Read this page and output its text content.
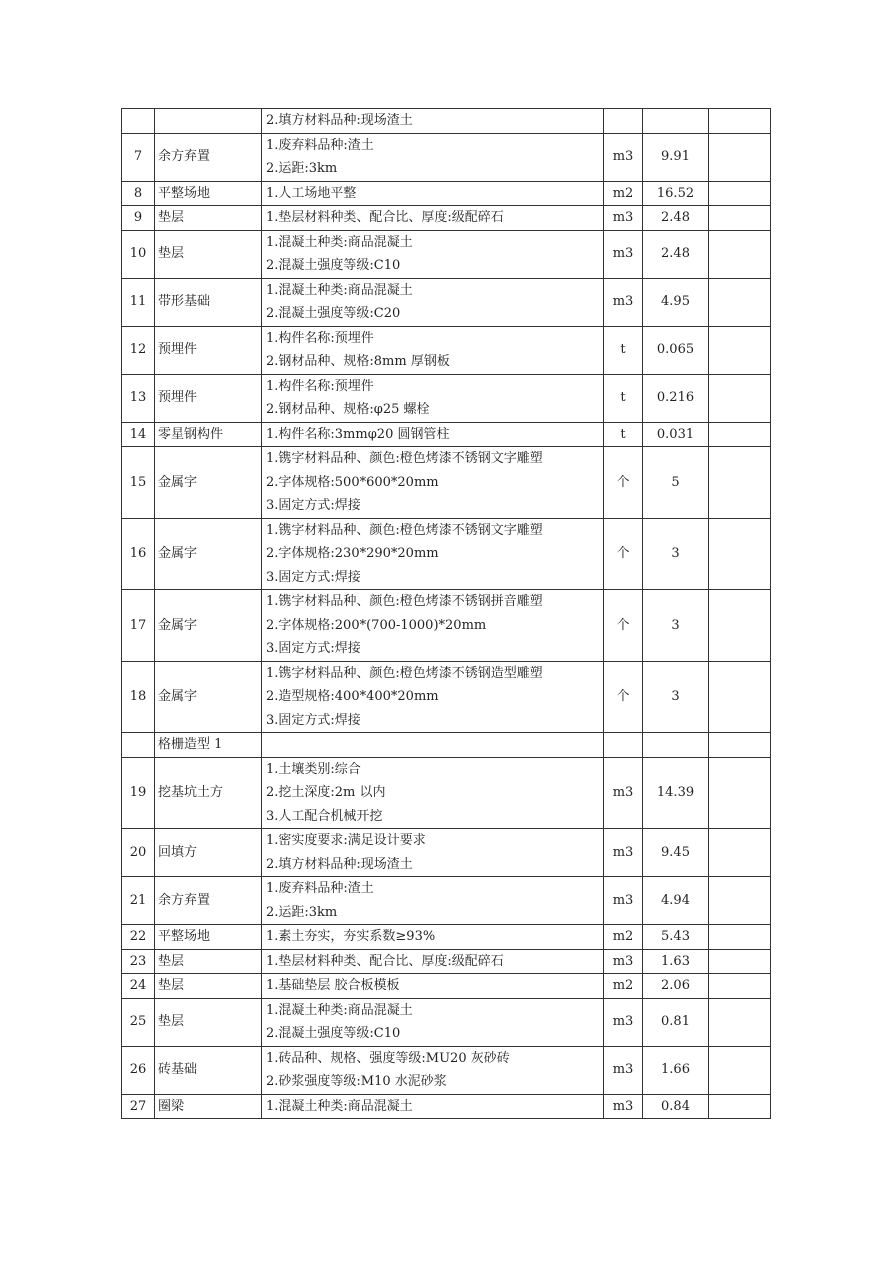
		2.填方材料品种:现场渣土			

7	余方弃置	1.废弃料品种:渣土
2.运距:3km	m3	9.91	
8	平整场地	1.人工场地平整	m2	16.52	
9	垫层	1.垫层材料种类、配合比、厚度:级配碎石	m3	2.48	
10	垫层	1.混凝土种类:商品混凝土
2.混凝土强度等级:C10	m3	2.48	
11	带形基础	1.混凝土种类:商品混凝土
2.混凝土强度等级:C20	m3	4.95	
12	预埋件	1.构件名称:预埋件
2.钢材品种、规格:8mm 厚钢板	t	0.065	
13	预埋件	1.构件名称:预埋件
2.钢材品种、规格:φ25 螺栓	t	0.216	
14	零星钢构件	1.构件名称:3mmφ20 圆钢管柱	t	0.031	
15	金属字	1.镌字材料品种、颜色:橙色烤漆不锈钢文字雕塑
2.字体规格:500*600*20mm
3.固定方式:焊接	个	5	
16	金属字	1.镌字材料品种、颜色:橙色烤漆不锈钢文字雕塑
2.字体规格:230*290*20mm
3.固定方式:焊接	个	3	
17	金属字	1.镌字材料品种、颜色:橙色烤漆不锈钢拼音雕塑
2.字体规格:200*(700-1000)*20mm
3.固定方式:焊接	个	3	
18	金属字	1.镌字材料品种、颜色:橙色烤漆不锈钢造型雕塑
2.造型规格:400*400*20mm
3.固定方式:焊接	个	3	
	格栅造型 1	

19	挖基坑土方	1.土壤类别:综合
2.挖土深度:2m 以内
3.人工配合机械开挖	m3	14.39	
20	回填方	1.密实度要求:满足设计要求
2.填方材料品种:现场渣土	m3	9.45	
21	余方弃置	1.废弃料品种:渣土
2.运距:3km	m3	4.94	
22	平整场地	1.素土夯实，夯实系数≥93%	m2	5.43	
23	垫层	1.垫层材料种类、配合比、厚度:级配碎石	m3	1.63	
24	垫层	1.基础垫层 胶合板模板	m2	2.06	
25	垫层	1.混凝土种类:商品混凝土
2.混凝土强度等级:C10	m3	0.81	
26	砖基础	1.砖品种、规格、强度等级:MU20 灰砂砖
2.砂浆强度等级:M10 水泥砂浆	m3	1.66	
27	圈梁	1.混凝土种类:商品混凝土	m3	0.84	
